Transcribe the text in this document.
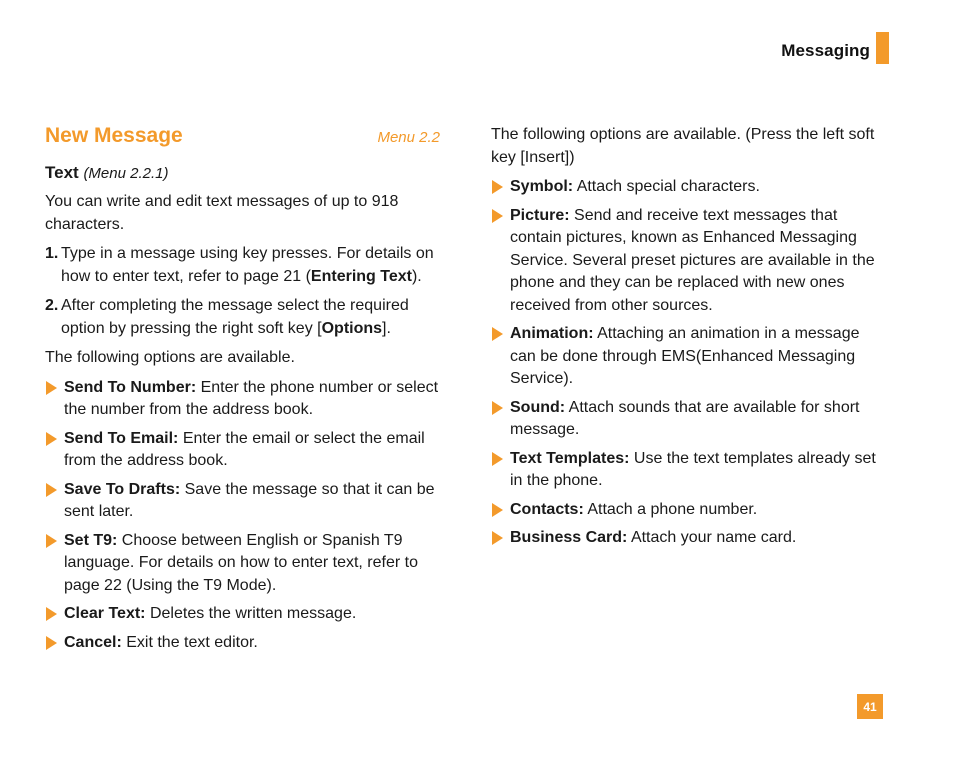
Messaging
New Message	Menu 2.2
Text (Menu 2.2.1)

You can write and edit text messages of up to 918 characters.

1. Type in a message using key presses. For details on how to enter text, refer to page 21 (Entering Text).
2. After completing the message select the required option by pressing the right soft key [Options].

The following options are available.

Send To Number: Enter the phone number or select the number from the address book.
Send To Email: Enter the email or select the email from the address book.
Save To Drafts: Save the message so that it can be sent later.
Set T9: Choose between English or Spanish T9 language. For details on how to enter text, refer to page 22 (Using the T9 Mode).
Clear Text: Deletes the written message.
Cancel: Exit the text editor.

The following options are available. (Press the left soft key [Insert])

Symbol: Attach special characters.
Picture: Send and receive text messages that contain pictures, known as Enhanced Messaging Service. Several preset pictures are available in the phone and they can be replaced with new ones received from other sources.
Animation: Attaching an animation in a message can be done through EMS(Enhanced Messaging Service).
Sound: Attach sounds that are available for short message.
Text Templates: Use the text templates already set in the phone.
Contacts: Attach a phone number.
Business Card: Attach your name card.
41
